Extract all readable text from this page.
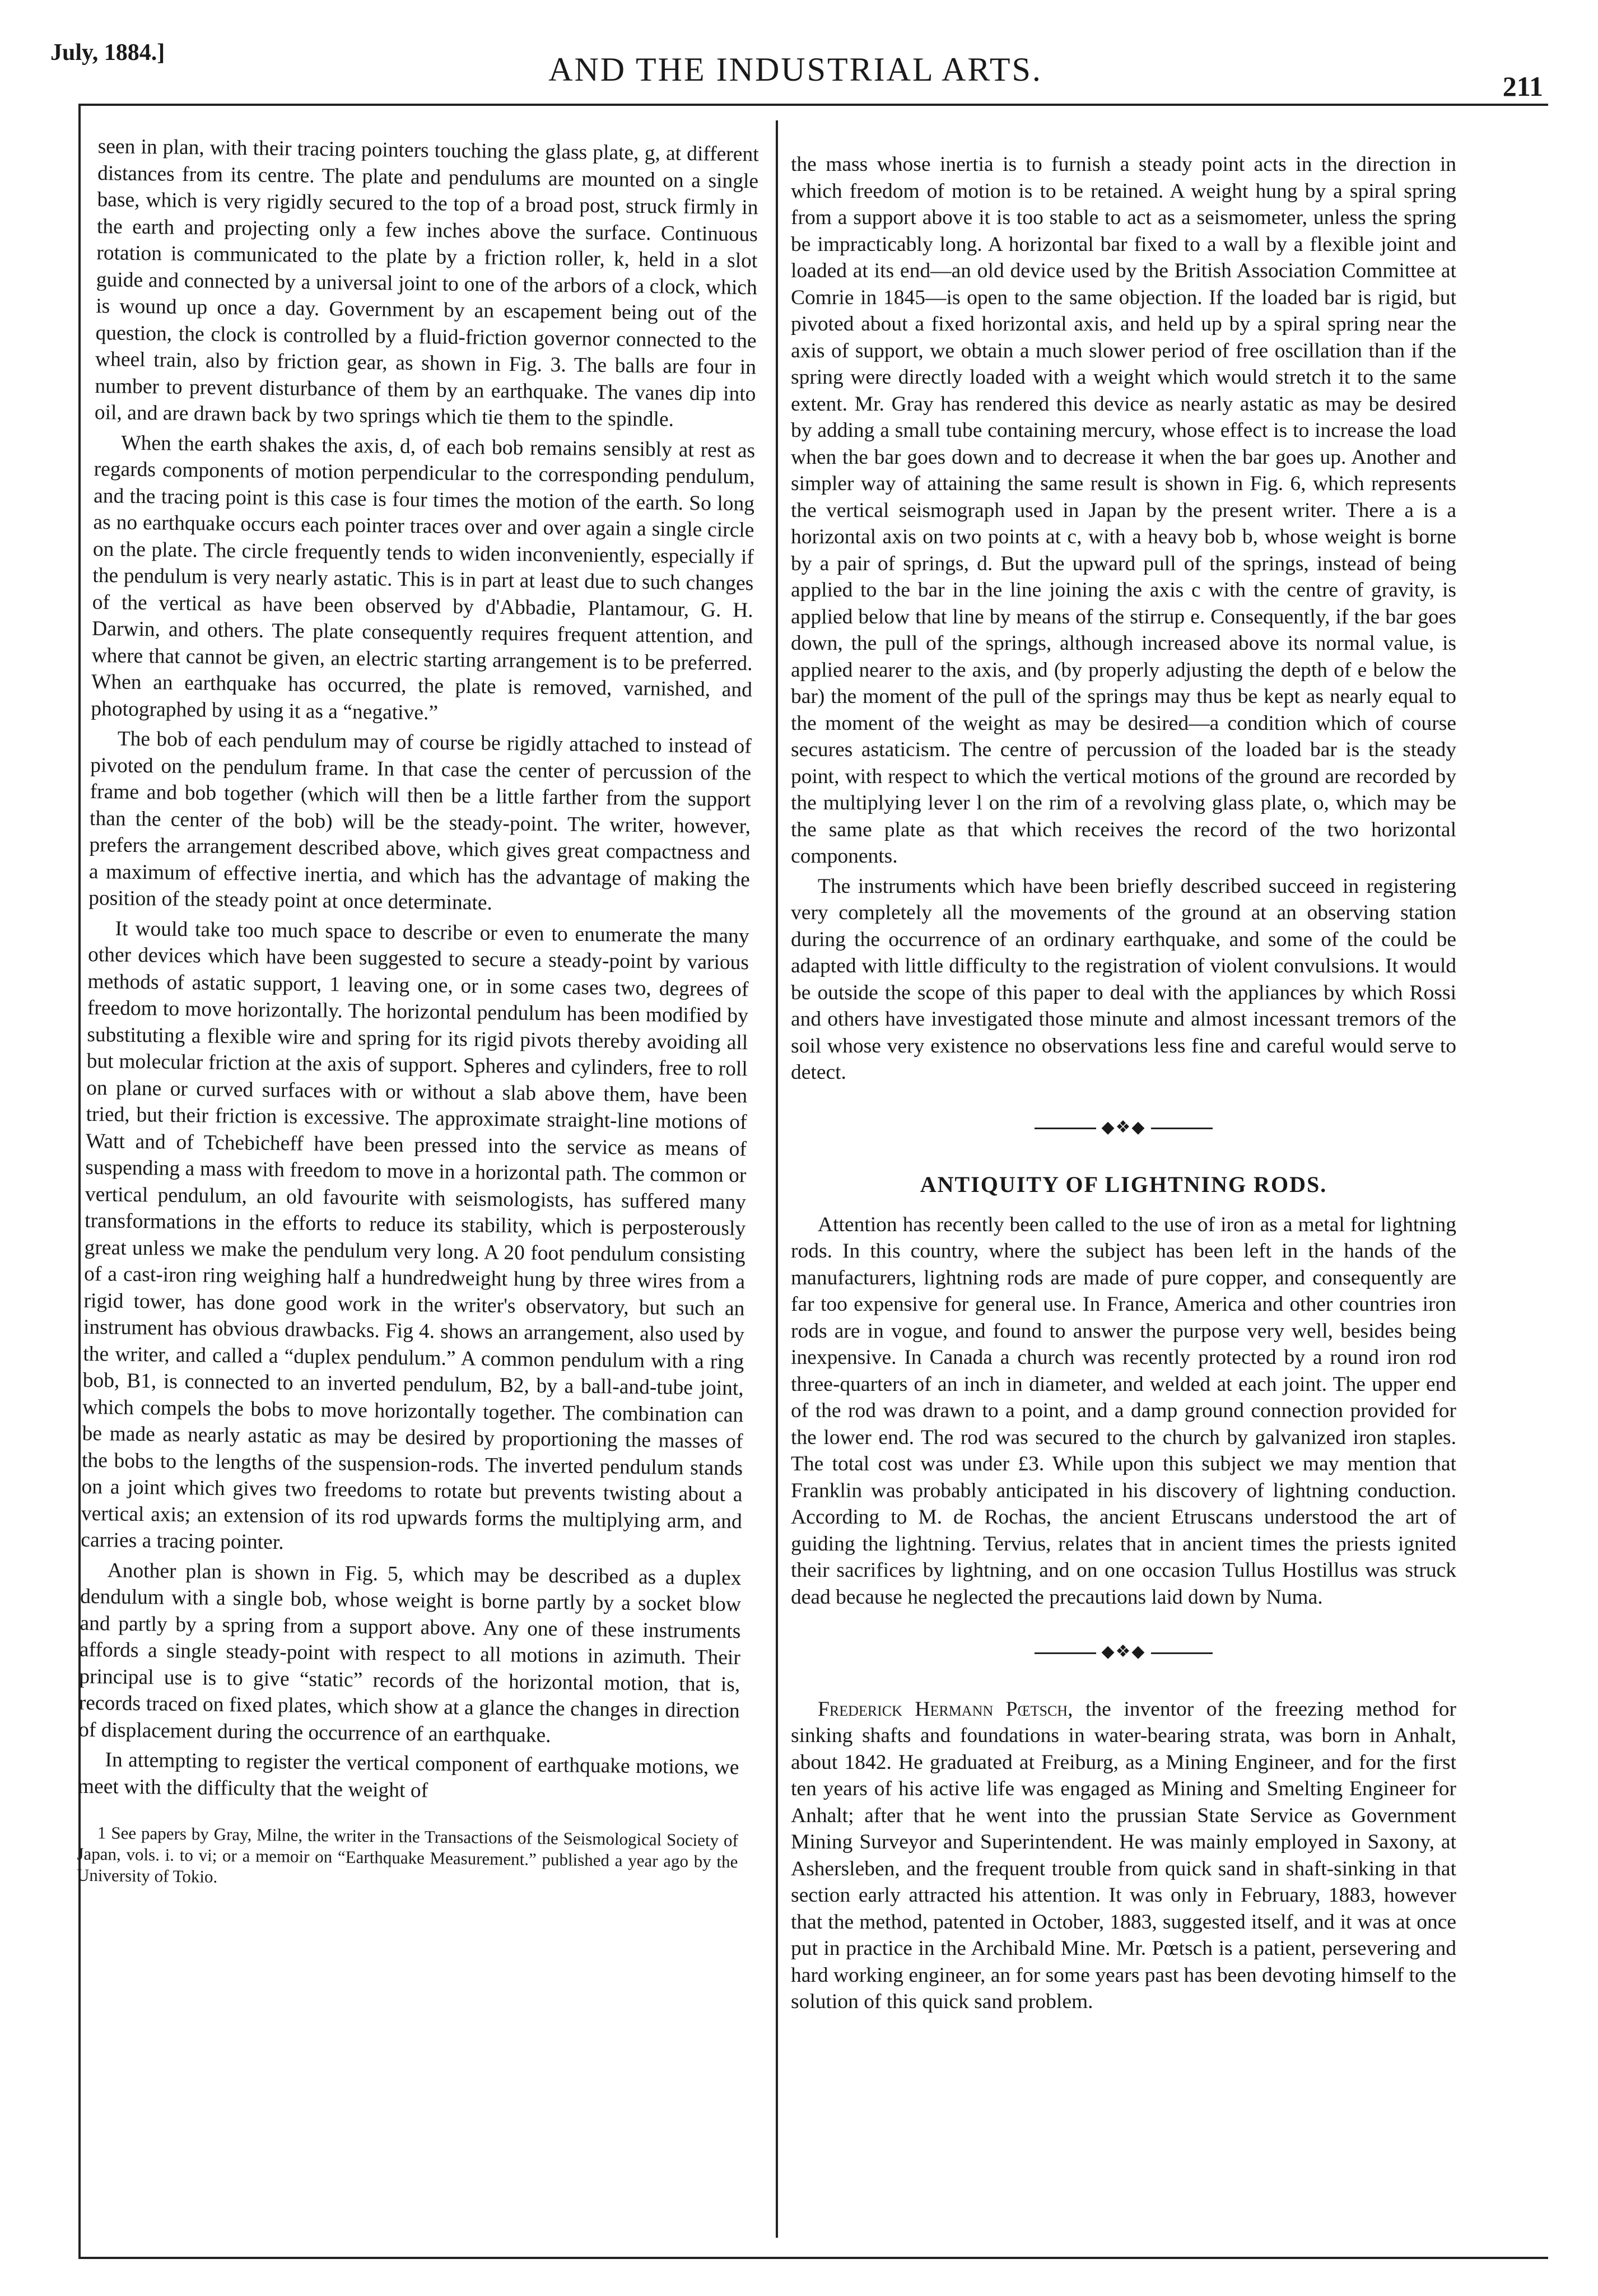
July, 1884.]	AND THE INDUSTRIAL ARTS.	211

seen in plan, with their tracing pointers touching the glass plate, g, at different distances from its centre. The plate and pendulums are mounted on a single base, which is very rigidly secured to the top of a broad post, struck firmly in the earth and projecting only a few inches above the surface. Continuous rotation is communicated to the plate by a friction roller, k, held in a slot guide and connected by a universal joint to one of the arbors of a clock, which is wound up once a day. Government by an escapement being out of the question, the clock is controlled by a fluid-friction governor connected to the wheel train, also by friction gear, as shown in Fig. 3. The balls are four in number to prevent disturbance of them by an earthquake. The vanes dip into oil, and are drawn back by two springs which tie them to the spindle.

When the earth shakes the axis, d, of each bob remains sensibly at rest as regards components of motion perpendicular to the corresponding pendulum, and the tracing point is this case is four times the motion of the earth. So long as no earthquake occurs each pointer traces over and over again a single circle on the plate. The circle frequently tends to widen inconveniently, especially if the pendulum is very nearly astatic. This is in part at least due to such changes of the vertical as have been observed by d'Abbadie, Plantamour, G. H. Darwin, and others. The plate consequently requires frequent attention, and where that cannot be given, an electric starting arrangement is to be preferred. When an earthquake has occurred, the plate is removed, varnished, and photographed by using it as a “negative.”

The bob of each pendulum may of course be rigidly attached to instead of pivoted on the pendulum frame. In that case the center of percussion of the frame and bob together (which will then be a little farther from the support than the center of the bob) will be the steady-point. The writer, however, prefers the arrangement described above, which gives great compactness and a maximum of effective inertia, and which has the advantage of making the position of the steady point at once determinate.

It would take too much space to describe or even to enumerate the many other devices which have been suggested to secure a steady-point by various methods of astatic support, 1 leaving one, or in some cases two, degrees of freedom to move horizontally. The horizontal pendulum has been modified by substituting a flexible wire and spring for its rigid pivots thereby avoiding all but molecular friction at the axis of support. Spheres and cylinders, free to roll on plane or curved surfaces with or without a slab above them, have been tried, but their friction is excessive. The approximate straight-line motions of Watt and of Tchebicheff have been pressed into the service as means of suspending a mass with freedom to move in a horizontal path. The common or vertical pendulum, an old favourite with seismologists, has suffered many transformations in the efforts to reduce its stability, which is perposterously great unless we make the pendulum very long. A 20 foot pendulum consisting of a cast-iron ring weighing half a hundredweight hung by three wires from a rigid tower, has done good work in the writer's observatory, but such an instrument has obvious drawbacks. Fig 4. shows an arrangement, also used by the writer, and called a “duplex pendulum.” A common pendulum with a ring bob, B1, is connected to an inverted pendulum, B2, by a ball-and-tube joint, which compels the bobs to move horizontally together. The combination can be made as nearly astatic as may be desired by proportioning the masses of the bobs to the lengths of the suspension-rods. The inverted pendulum stands on a joint which gives two freedoms to rotate but prevents twisting about a vertical axis; an extension of its rod upwards forms the multiplying arm, and carries a tracing pointer.

Another plan is shown in Fig. 5, which may be described as a duplex dendulum with a single bob, whose weight is borne partly by a socket blow and partly by a spring from a support above. Any one of these instruments affords a single steady-point with respect to all motions in azimuth. Their principal use is to give “static” records of the horizontal motion, that is, records traced on fixed plates, which show at a glance the changes in direction of displacement during the occurrence of an earthquake.

In attempting to register the vertical component of earthquake motions, we meet with the difficulty that the weight of

1 See papers by Gray, Milne, the writer in the Transactions of the Seismological Society of Japan, vols. i. to vi; or a memoir on “Earthquake Measurement.” published a year ago by the University of Tokio.

the mass whose inertia is to furnish a steady point acts in the direction in which freedom of motion is to be retained. A weight hung by a spiral spring from a support above it is too stable to act as a seismometer, unless the spring be impracticably long. A horizontal bar fixed to a wall by a flexible joint and loaded at its end—an old device used by the British Association Committee at Comrie in 1845—is open to the same objection. If the loaded bar is rigid, but pivoted about a fixed horizontal axis, and held up by a spiral spring near the axis of support, we obtain a much slower period of free oscillation than if the spring were directly loaded with a weight which would stretch it to the same extent. Mr. Gray has rendered this device as nearly astatic as may be desired by adding a small tube containing mercury, whose effect is to increase the load when the bar goes down and to decrease it when the bar goes up. Another and simpler way of attaining the same result is shown in Fig. 6, which represents the vertical seismograph used in Japan by the present writer. There a is a horizontal axis on two points at c, with a heavy bob b, whose weight is borne by a pair of springs, d. But the upward pull of the springs, instead of being applied to the bar in the line joining the axis c with the centre of gravity, is applied below that line by means of the stirrup e. Consequently, if the bar goes down, the pull of the springs, although increased above its normal value, is applied nearer to the axis, and (by properly adjusting the depth of e below the bar) the moment of the pull of the springs may thus be kept as nearly equal to the moment of the weight as may be desired—a condition which of course secures astaticism. The centre of percussion of the loaded bar is the steady point, with respect to which the vertical motions of the ground are recorded by the multiplying lever l on the rim of a revolving glass plate, o, which may be the same plate as that which receives the record of the two horizontal components.

The instruments which have been briefly described succeed in registering very completely all the movements of the ground at an observing station during the occurrence of an ordinary earthquake, and some of the could be adapted with little difficulty to the registration of violent convulsions. It would be outside the scope of this paper to deal with the appliances by which Rossi and others have investigated those minute and almost incessant tremors of the soil whose very existence no observations less fine and careful would serve to detect.

◆❖◆
ANTIQUITY OF LIGHTNING RODS.

Attention has recently been called to the use of iron as a metal for lightning rods. In this country, where the subject has been left in the hands of the manufacturers, lightning rods are made of pure copper, and consequently are far too expensive for general use. In France, America and other countries iron rods are in vogue, and found to answer the purpose very well, besides being inexpensive. In Canada a church was recently protected by a round iron rod three-quarters of an inch in diameter, and welded at each joint. The upper end of the rod was drawn to a point, and a damp ground connection provided for the lower end. The rod was secured to the church by galvanized iron staples. The total cost was under £3. While upon this subject we may mention that Franklin was probably anticipated in his discovery of lightning conduction. According to M. de Rochas, the ancient Etruscans understood the art of guiding the lightning. Tervius, relates that in ancient times the priests ignited their sacrifices by lightning, and on one occasion Tullus Hostillus was struck dead because he neglected the precautions laid down by Numa.

◆❖◆

Frederick Hermann Pœtsch, the inventor of the freezing method for sinking shafts and foundations in water-bearing strata, was born in Anhalt, about 1842. He graduated at Freiburg, as a Mining Engineer, and for the first ten years of his active life was engaged as Mining and Smelting Engineer for Anhalt; after that he went into the prussian State Service as Government Mining Surveyor and Superintendent. He was mainly employed in Saxony, at Ashersleben, and the frequent trouble from quick sand in shaft-sinking in that section early attracted his attention. It was only in February, 1883, however that the method, patented in October, 1883, suggested itself, and it was at once put in practice in the Archibald Mine. Mr. Pœtsch is a patient, persevering and hard working engineer, an for some years past has been devoting himself to the solution of this quick sand problem.
